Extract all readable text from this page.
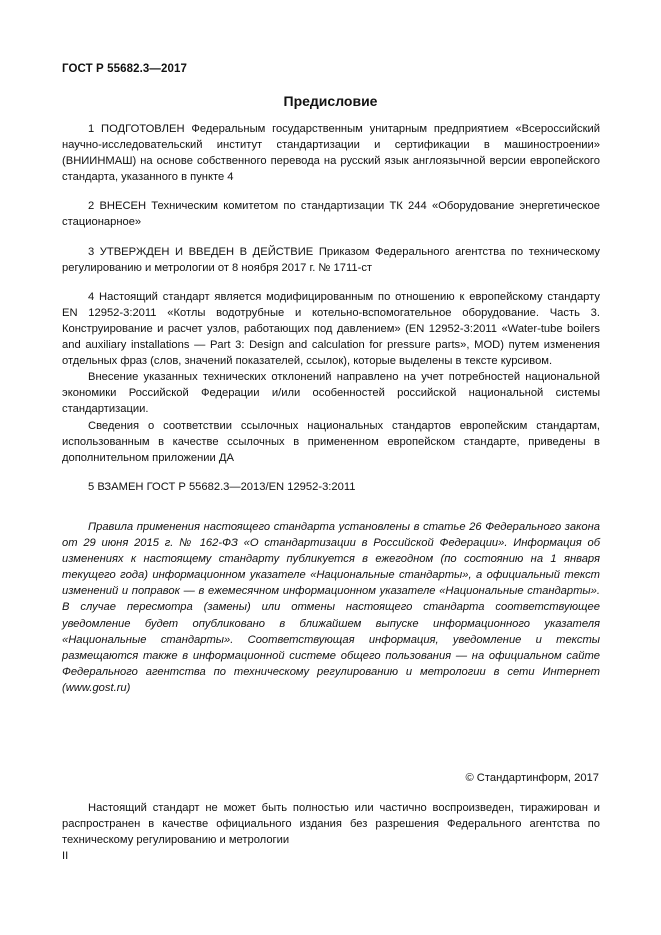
ГОСТ Р 55682.3—2017
Предисловие

1 ПОДГОТОВЛЕН Федеральным государственным унитарным предприятием «Всероссийский научно-исследовательский институт стандартизации и сертификации в машиностроении» (ВНИИНМАШ) на основе собственного перевода на русский язык англоязычной версии европейского стандарта, указанного в пункте 4

2 ВНЕСЕН Техническим комитетом по стандартизации ТК 244 «Оборудование энергетическое стационарное»

3 УТВЕРЖДЕН И ВВЕДЕН В ДЕЙСТВИЕ Приказом Федерального агентства по техническому регулированию и метрологии от 8 ноября 2017 г. № 1711-ст

4 Настоящий стандарт является модифицированным по отношению к европейскому стандарту EN 12952-3:2011 «Котлы водотрубные и котельно-вспомогательное оборудование. Часть 3. Конструирование и расчет узлов, работающих под давлением» (EN 12952-3:2011 «Water-tube boilers and auxiliary installations — Part 3: Design and calculation for pressure parts», MOD) путем изменения отдельных фраз (слов, значений показателей, ссылок), которые выделены в тексте курсивом.

Внесение указанных технических отклонений направлено на учет потребностей национальной экономики Российской Федерации и/или особенностей российской национальной системы стандартизации.

Сведения о соответствии ссылочных национальных стандартов европейским стандартам, использованным в качестве ссылочных в примененном европейском стандарте, приведены в дополнительном приложении ДА

5 ВЗАМЕН ГОСТ Р 55682.3—2013/EN 12952-3:2011

Правила применения настоящего стандарта установлены в статье 26 Федерального закона от 29 июня 2015 г. № 162-ФЗ «О стандартизации в Российской Федерации». Информация об изменениях к настоящему стандарту публикуется в ежегодном (по состоянию на 1 января текущего года) информационном указателе «Национальные стандарты», а официальный текст изменений и поправок — в ежемесячном информационном указателе «Национальные стандарты». В случае пересмотра (замены) или отмены настоящего стандарта соответствующее уведомление будет опубликовано в ближайшем выпуске информационного указателя «Национальные стандарты». Соответствующая информация, уведомление и тексты размещаются также в информационной системе общего пользования — на официальном сайте Федерального агентства по техническому регулированию и метрологии в сети Интернет (www.gost.ru)

© Стандартинформ, 2017

Настоящий стандарт не может быть полностью или частично воспроизведен, тиражирован и распространен в качестве официального издания без разрешения Федерального агентства по техническому регулированию и метрологии

II
